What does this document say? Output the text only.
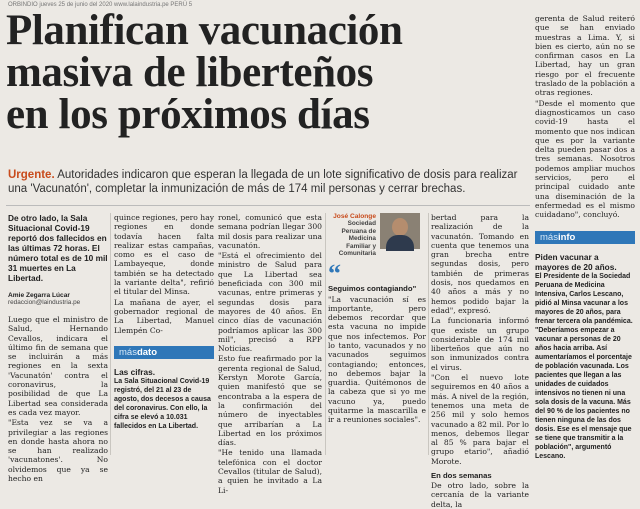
ORBINDIO jueves 25 de junio del 2020 www.lalaindustria.pe PERÚ 5
Planifican vacunación
masiva de liberteños
en los próximos días
Urgente. Autoridades indicaron que esperan la llegada de un lote significativo de dosis para realizar una 'Vacunatón', completar la inmunización de más de 174 mil personas y cerrar brechas.
De otro lado, la Sala Situacional Covid-19 reportó dos fallecidos en las últimas 72 horas. El número total es de 10 mil 31 muertes en La Libertad.
Amie Zegarra Lúcar
redaccion@laindustria.pe

Luego que el ministro de Salud, Hernando Cevallos, indicara el último fin de semana que se incluirán a más regiones en la sexta 'Vacunatón' contra el coronavirus, la posibilidad de que La Libertad sea considerada es cada vez mayor.

"Esta vez se va a privilegiar a las regiones en donde hasta ahora no se han realizado 'vacunatones'. No olvidemos que ya se hecho en

quince regiones, pero hay regiones en donde todavía hacen falta realizar estas campañas, como es el caso de Lambayeque, donde también se ha detectado la variante delta", refirió el titular del Minsa.

La mañana de ayer, el gobernador regional de La Libertad, Manuel Llempén Co-

másdato
Las cifras.
La Sala Situacional Covid-19 registró, del 21 al 23 de agosto, dos decesos a causa del coronavirus. Con ello, la cifra se elevó a 10.031 fallecidos en La Libertad.

ronel, comunicó que esta semana podrían llegar 300 mil dosis para realizar una vacunatón.

"Está el ofrecimiento del ministro de Salud para que La Libertad sea beneficiada con 300 mil vacunas, entre primeras y segundas dosis para mayores de 40 años. En cinco días de vacunación podríamos aplicar las 300 mil", precisó a RPP Noticias.

Esto fue reafirmado por la gerenta regional de Salud, Kerstyn Morote García, quien manifestó que se encontraba a la espera de la confirmación del número de inyectables que arribarían a La Libertad en los próximos días.

"He tenido una llamada telefónica con el doctor Cevallos (titular de Salud), a quien he invitado a La Li-

José Calonge
Sociedad Peruana de Medicina Familiar y Comunitaria
“
Seguimos contagiando"

"La vacunación sí es importante, pero debemos recordar que esta vacuna no impide que nos infectemos. Por lo tanto, vacunados y no vacunados seguimos contagiando; entonces, no debemos bajar la guardia. Quitémonos de la cabeza que si yo me vacuno ya, puedo quitarme la mascarilla e ir a reuniones sociales".

bertad para la realización de la vacunatón. Tomando en cuenta que tenemos una gran brecha entre segundas dosis, pero también de primeras dosis, nos quedamos en 40 años a más y no hemos podido bajar la edad", expresó.

La funcionaria informó que existe un grupo considerable de 174 mil liberteños que aún no son inmunizados contra el virus.

"Con el nuevo lote seguiremos en 40 años a más. A nivel de la región, tenemos una meta de 256 mil y solo hemos vacunado a 82 mil. Por lo menos, debemos llegar al 85 % para bajar el grupo etario", añadió Morote.

En dos semanas

De otro lado, sobre la cercanía de la variante delta, la

gerenta de Salud reiteró que se han enviado muestras a Lima. Y, si bien es cierto, aún no se confirman casos en La Libertad, hay un gran riesgo por el frecuente traslado de la población a otras regiones.

"Desde el momento que diagnosticamos un caso covid-19 hasta el momento que nos indican que es por la variante delta pueden pasar dos a tres semanas. Nosotros podemos ampliar muchos servicios, pero el principal cuidado ante una diseminación de la enfermedad es el mismo cuidadano", concluyó.

másinfo
Piden vacunar a mayores de 20 años.
El Presidente de la Sociedad Peruana de Medicina Intensiva, Carlos Lescano, pidió al Minsa vacunar a los mayores de 20 años, para frenar tercera ola pandémica. "Deberíamos empezar a vacunar a personas de 20 años hacia arriba. Así aumentaríamos el porcentaje de población vacunada. Los pacientes que llegan a las unidades de cuidados intensivos no tienen ni una sola dosis de la vacuna. Más del 90 % de los pacientes no tienen ninguna de las dos dosis. Ese es el mensaje que se tiene que transmitir a la población", argumentó Lescano.
